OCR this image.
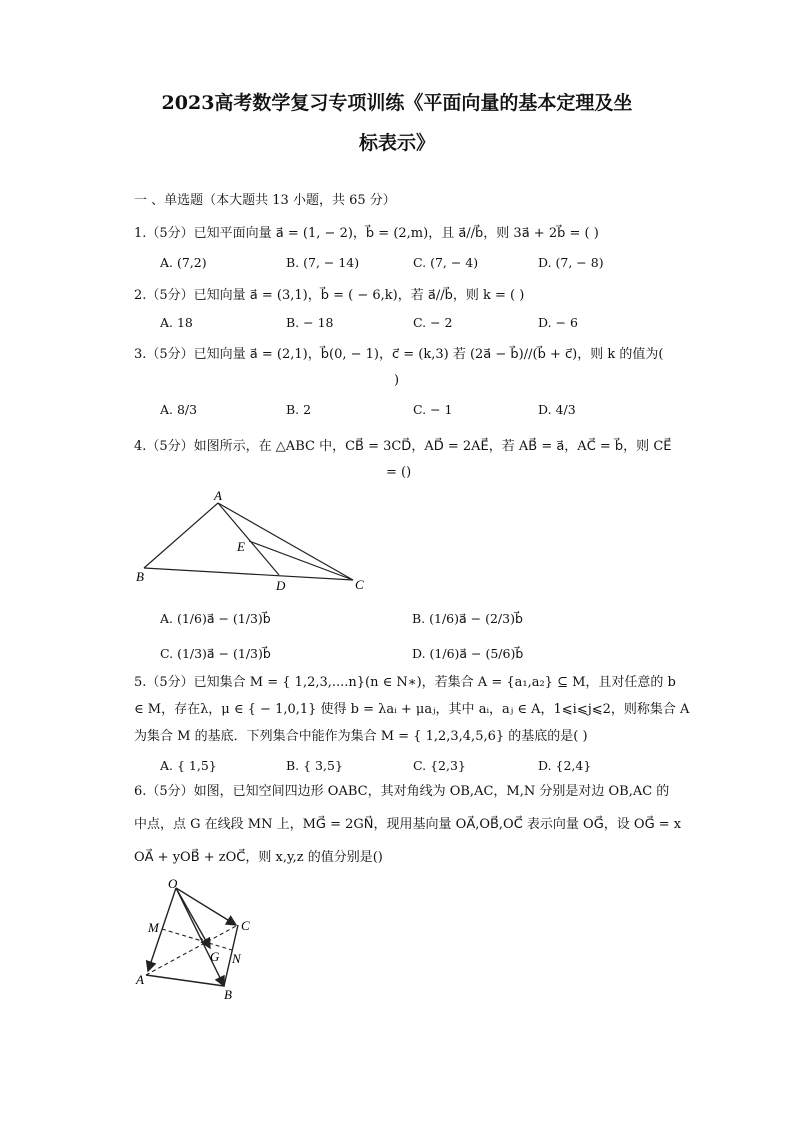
2023高考数学复习专项训练《平面向量的基本定理及坐
标表示》
一 、单选题（本大题共 13 小题，共 65 分）
1.（5分）已知平面向量 a⃗ = (1, − 2)，b⃗ = (2,m)，且 a⃗//b⃗，则 3a⃗ + 2b⃗ = ( )
A. (7,2)	B. (7, − 14)	C. (7, − 4)	D. (7, − 8)
2.（5分）已知向量 a⃗ = (3,1)，b⃗ = ( − 6,k)，若 a⃗//b⃗，则 k = ( )
A. 18	B. − 18	C. − 2	D. − 6
3.（5分）已知向量 a⃗ = (2,1)，b⃗(0, − 1)，c⃗ = (k,3) 若 (2a⃗ − b⃗)//(b⃗ + c⃗)，则 k 的值为(
)
A. 8/3	B. 2	C. − 1	D. 4/3
4.（5分）如图所示，在 △ABC 中，CB⃗ = 3CD⃗，AD⃗ = 2AE⃗，若 AB⃗ = a⃗，AC⃗ = b⃗，则 CE⃗
= ()
A
B
C
D
E
A. (1/6)a⃗ − (1/3)b⃗	B. (1/6)a⃗ − (2/3)b⃗
C. (1/3)a⃗ − (1/3)b⃗	D. (1/6)a⃗ − (5/6)b⃗
5.（5分）已知集合 M = { 1,2,3,....n}(n ∈ N∗)，若集合 A = {a₁,a₂} ⊆ M，且对任意的 b
∈ M，存在λ，μ ∈ { − 1,0,1} 使得 b = λaᵢ + μaⱼ，其中 aᵢ，aⱼ ∈ A，1⩽i⩽j⩽2，则称集合 A
为集合 M 的基底．下列集合中能作为集合 M = { 1,2,3,4,5,6} 的基底的是( )
A. { 1,5}	B. { 3,5}	C. {2,3}	D. {2,4}
6.（5分）如图，已知空间四边形 OABC，其对角线为 OB,AC，M,N 分别是对边 OB,AC 的
中点，点 G 在线段 MN 上，MG⃗ = 2GN⃗，现用基向量 OA⃗,OB⃗,OC⃗ 表示向量 OG⃗，设 OG⃗ = x
OA⃗ + yOB⃗ + zOC⃗，则 x,y,z 的值分别是()
O
A
B
C
M
N
G
